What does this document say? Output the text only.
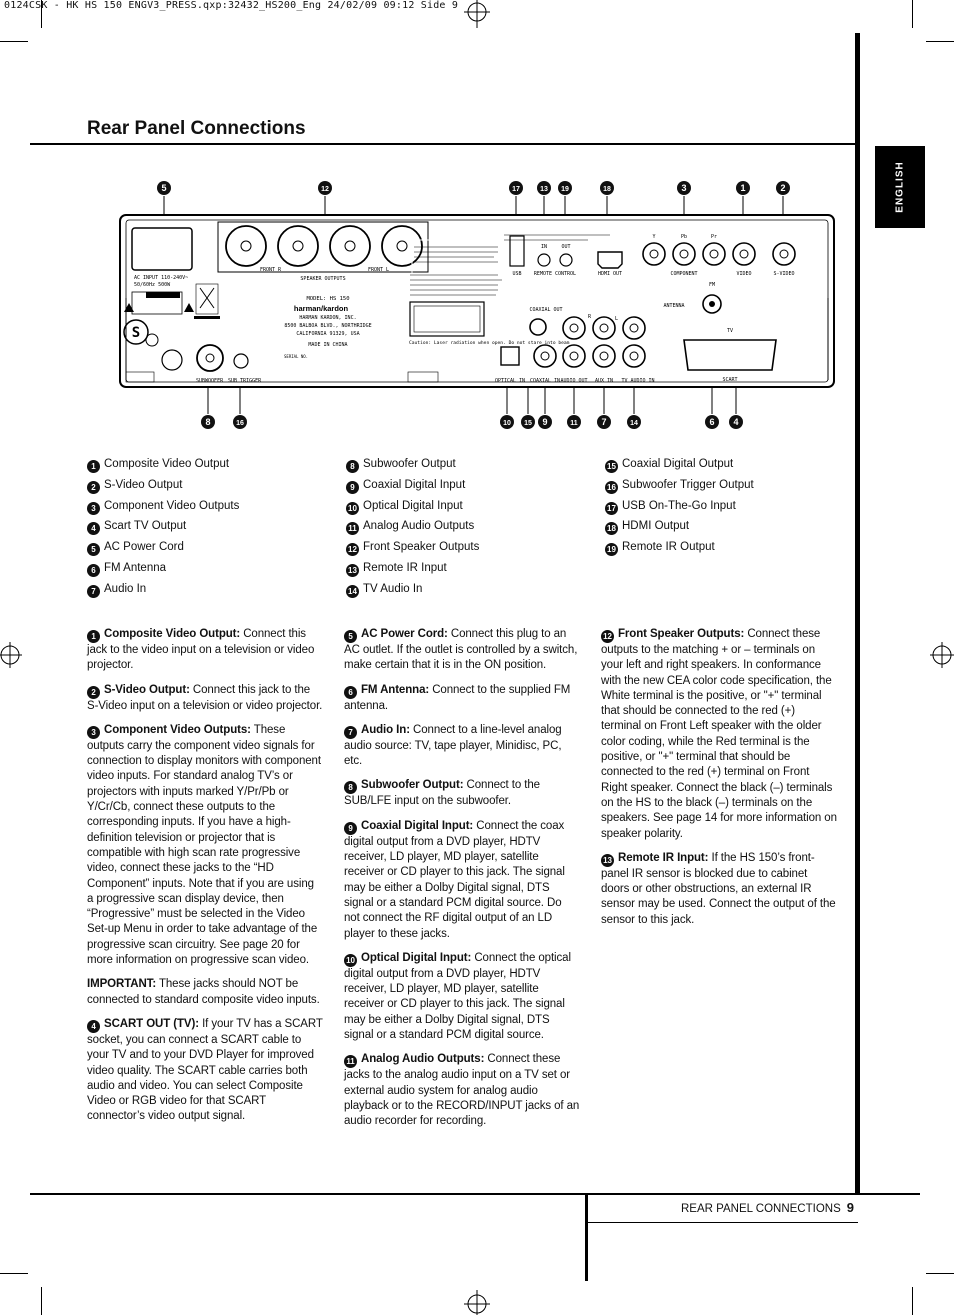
0124CSK - HK HS 150 ENGV3_PRESS.qxp:32432_HS200_Eng 24/02/09 09:12 Side 9
ENGLISH
Rear Panel Connections
5	12	17	13 19	18	3	1	2
8	16	10 15 9	11	7	14	6 4
AC INPUT 110-240V~
50/60Hz 500W
S
FRONT R	FRONT L
SPEAKER OUTPUTS
MODEL: HS 150
harman/kardon
HARMAN KARDON, INC.
8500 BALBOA BLVD., NORTHRIDGE
CALIFORNIA 91329, USA
MADE IN CHINA
SERIAL NO.
SUBWOOFER SUB TRIGGER
Caution: Laser radiation when open. Do not stare into beam
USB
IN	OUT
REMOTE CONTROL	HDMI OUT
Y	Pb	Pr
COMPONENT	VIDEO	S-VIDEO
FM
ANTENNA
TV
SCART
COAXIAL OUT
OPTICAL IN COAXIAL IN
R	L
AUDIO OUT AUX IN TV AUDIO IN
1 Composite Video Output
2 S-Video Output
3 Component Video Outputs
4 Scart TV Output
5 AC Power Cord
6 FM Antenna
7 Audio In
8 Subwoofer Output
9 Coaxial Digital Input
10 Optical Digital Input
11 Analog Audio Outputs
12 Front Speaker Outputs
13 Remote IR Input
14 TV Audio In
15 Coaxial Digital Output
16 Subwoofer Trigger Output
17 USB On-The-Go Input
18 HDMI Output
19 Remote IR Output

1 Composite Video Output: Connect this jack to the video input on a television or video projector.

2 S-Video Output: Connect this jack to the S-Video input on a television or video projector.

3 Component Video Outputs: These outputs carry the component video signals for connection to display monitors with component video inputs. For standard analog TV’s or projectors with inputs marked Y/Pr/Pb or Y/Cr/Cb, connect these outputs to the corresponding inputs. If you have a high-definition television or projector that is compatible with high scan rate progressive video, connect these jacks to the “HD Component” inputs. Note that if you are using a progressive scan display device, then “Progressive” must be selected in the Video Set-up Menu in order to take advantage of the progressive scan circuitry. See page 20 for more information on progressive scan video.

IMPORTANT: These jacks should NOT be connected to standard composite video inputs.

4 SCART OUT (TV): If your TV has a SCART socket, you can connect a SCART cable to your TV and to your DVD Player for improved video quality. The SCART cable carries both audio and video. You can select Composite Video or RGB video for that SCART connector’s video output signal.

5 AC Power Cord: Connect this plug to an AC outlet. If the outlet is controlled by a switch, make certain that it is in the ON position.

6 FM Antenna: Connect to the supplied FM antenna.

7 Audio In: Connect to a line-level analog audio source: TV, tape player, Minidisc, PC, etc.

8 Subwoofer Output: Connect to the SUB/LFE input on the subwoofer.

9 Coaxial Digital Input: Connect the coax digital output from a DVD player, HDTV receiver, LD player, MD player, satellite receiver or CD player to this jack. The signal may be either a Dolby Digital signal, DTS signal or a standard PCM digital source. Do not connect the RF digital output of an LD player to these jacks.

10 Optical Digital Input: Connect the optical digital output from a DVD player, HDTV receiver, LD player, MD player, satellite receiver or CD player to this jack. The signal may be either a Dolby Digital signal, DTS signal or a standard PCM digital source.

11 Analog Audio Outputs: Connect these jacks to the analog audio input on a TV set or external audio system for analog audio playback or to the RECORD/INPUT jacks of an audio recorder for recording.

12 Front Speaker Outputs: Connect these outputs to the matching + or – terminals on your left and right speakers. In conformance with the new CEA color code specification, the White terminal is the positive, or "+" terminal that should be connected to the red (+) terminal on Front Left speaker with the older color coding, while the Red terminal is the positive, or "+" terminal that should be connected to the red (+) terminal on Front Right speaker. Connect the black (–) terminals on the HS to the black (–) terminals on the speakers. See page 14 for more information on speaker polarity.

13 Remote IR Input: If the HS 150’s front-panel IR sensor is blocked due to cabinet doors or other obstructions, an external IR sensor may be used. Connect the output of the sensor to this jack.

REAR PANEL CONNECTIONS 9
